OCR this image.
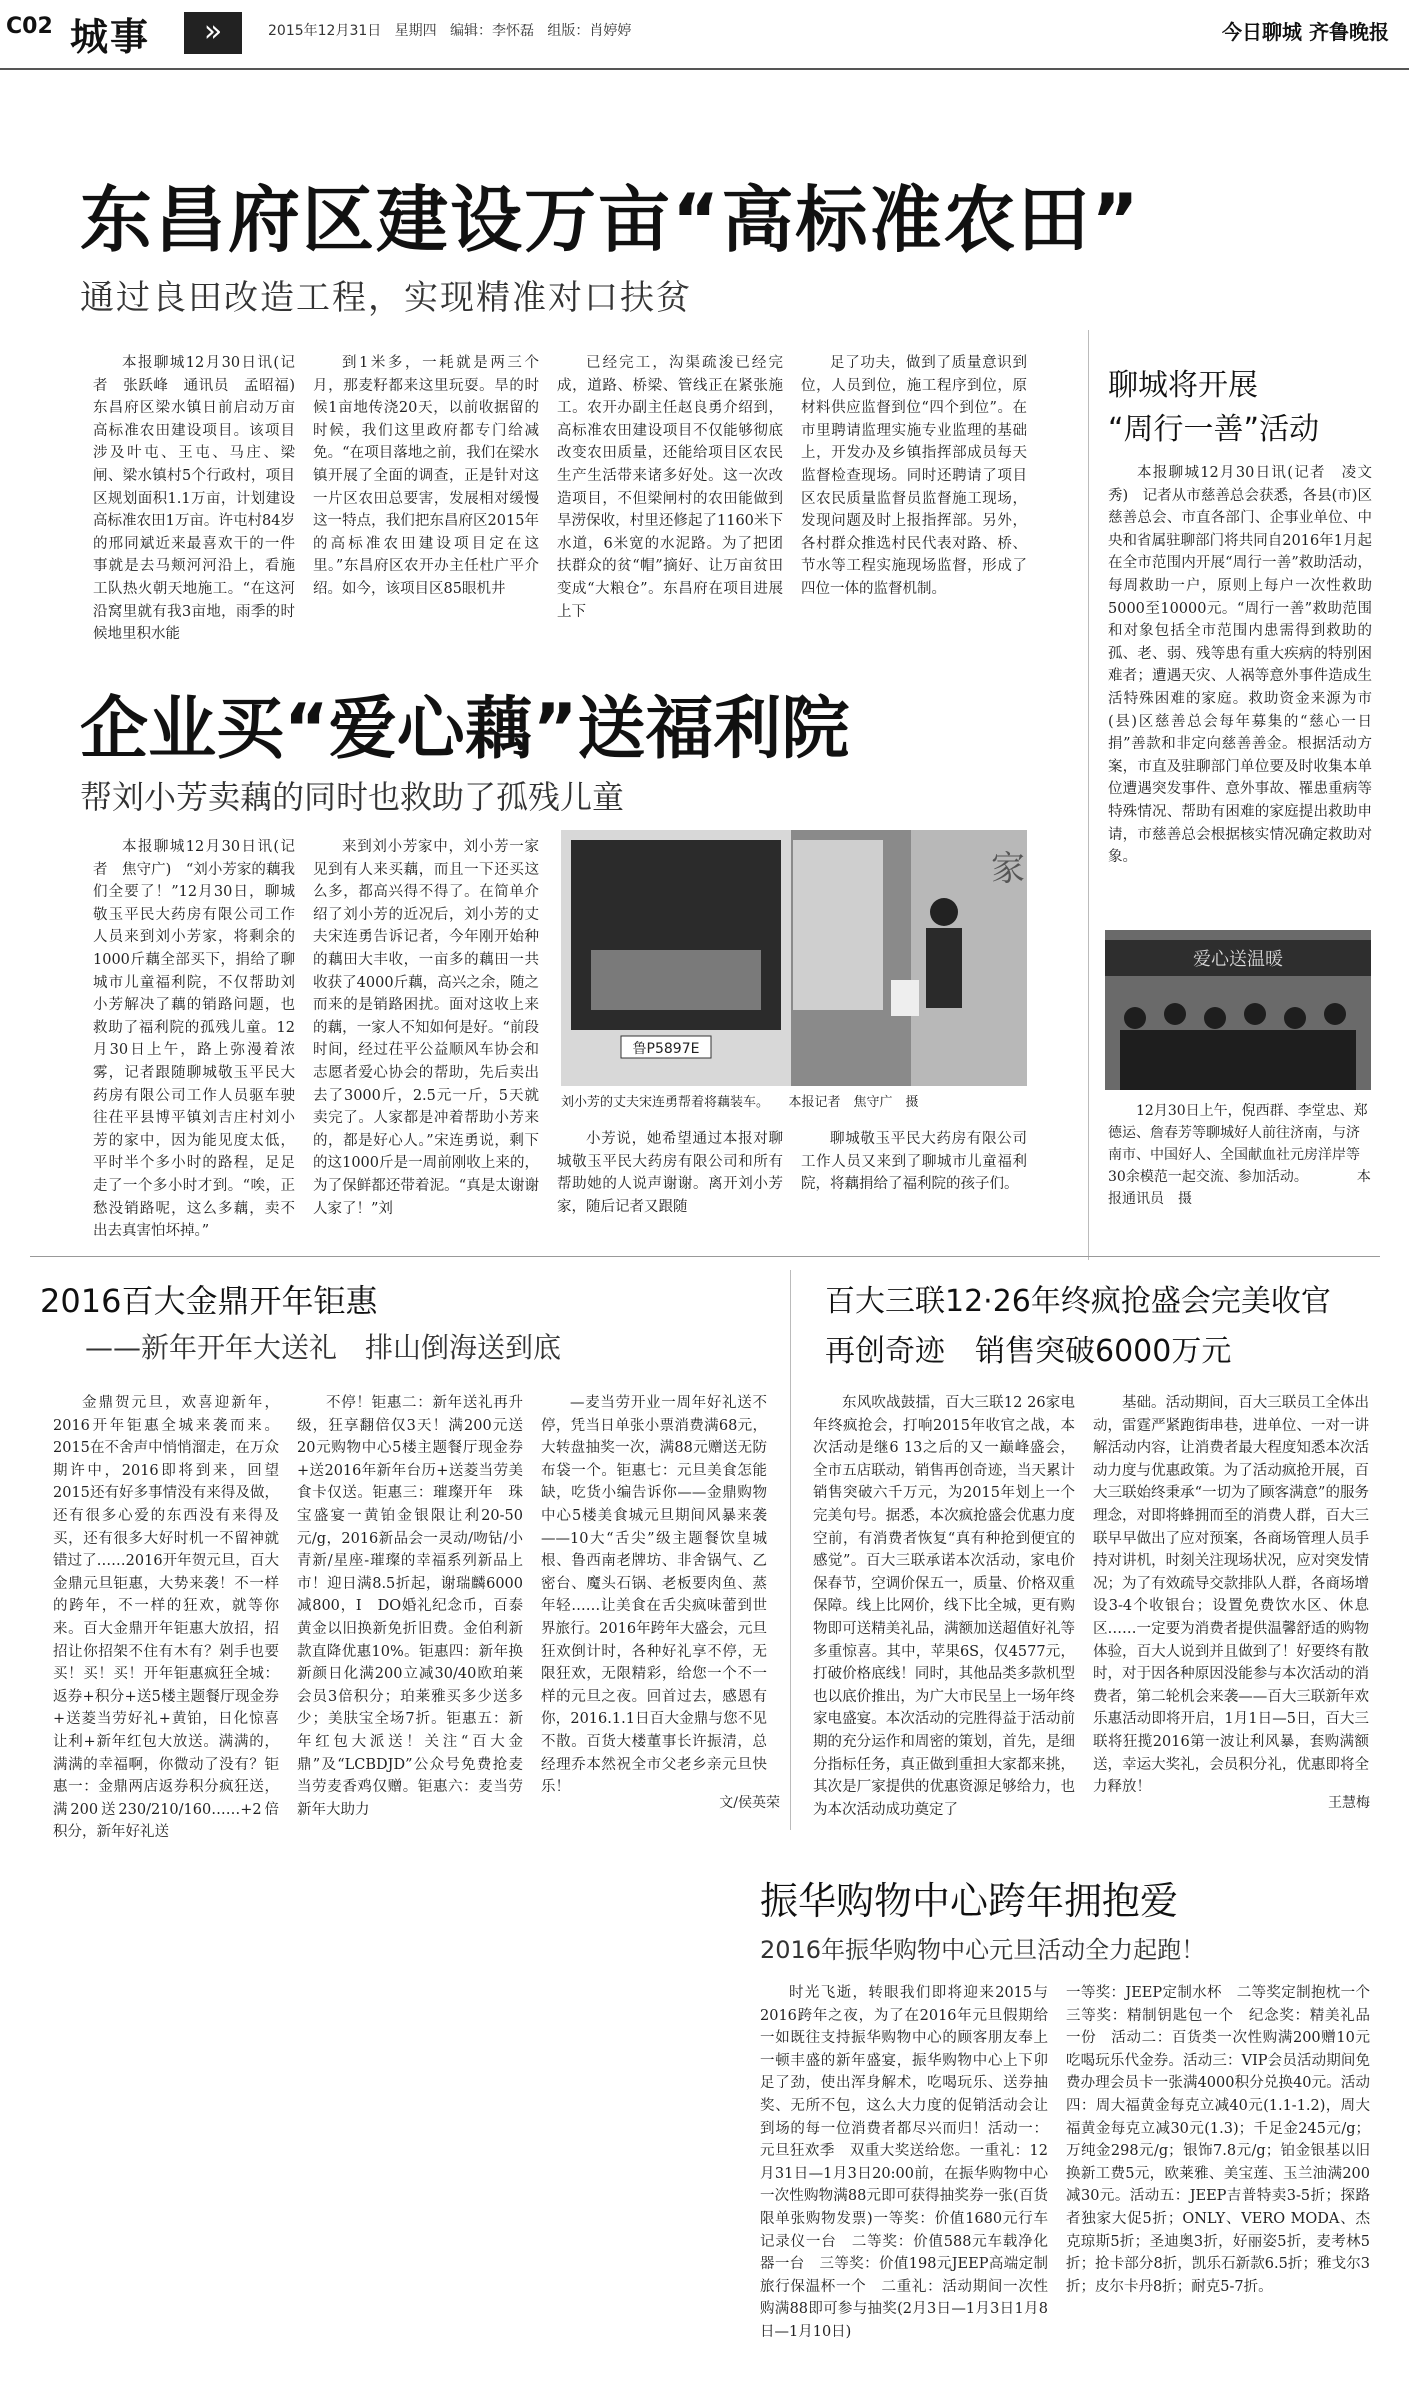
C02 城事	»	2015年12月31日 星期四 编辑：李怀磊 组版：肖婷婷	今日聊城 齐鲁晚报
东昌府区建设万亩“高标准农田”
通过良田改造工程，实现精准对口扶贫
本报聊城12月30日讯(记者　张跃峰　通讯员　孟昭福)　东昌府区梁水镇日前启动万亩高标准农田建设项目。该项目涉及叶屯、王屯、马庄、梁闸、梁水镇村5个行政村，项目区规划面积1.1万亩，计划建设高标准农田1万亩。许屯村84岁的邢同斌近来最喜欢干的一件事就是去马颊河河沿上，看施工队热火朝天地施工。“在这河沿窝里就有我3亩地，雨季的时候地里积水能
到1米多，一耗就是两三个月，那麦籽都来这里玩耍。旱的时候1亩地传浇20天，以前收据留的时候，我们这里政府都专门给减免。“在项目落地之前，我们在梁水镇开展了全面的调查，正是针对这一片区农田总要害，发展相对缓慢这一特点，我们把东昌府区2015年的高标准农田建设项目定在这里。”东昌府区农开办主任杜广平介绍。如今，该项目区85眼机井
已经完工，沟渠疏浚已经完成，道路、桥梁、管线正在紧张施工。农开办副主任赵良勇介绍到，高标准农田建设项目不仅能够彻底改变农田质量，还能给项目区农民生产生活带来诸多好处。这一次改造项目，不但梁闸村的农田能做到旱涝保收，村里还修起了1160米下水道，6米宽的水泥路。为了把团扶群众的贫“帽”摘好、让万亩贫田变成“大粮仓”。东昌府在项目进展上下
足了功夫，做到了质量意识到位，人员到位，施工程序到位，原材料供应监督到位“四个到位”。在市里聘请监理实施专业监理的基础上，开发办及乡镇指挥部成员每天监督检查现场。同时还聘请了项目区农民质量监督员监督施工现场，发现问题及时上报指挥部。另外，各村群众推选村民代表对路、桥、节水等工程实施现场监督，形成了四位一体的监督机制。
聊城将开展
“周行一善”活动
本报聊城12月30日讯(记者　凌文秀)　记者从市慈善总会获悉，各县(市)区慈善总会、市直各部门、企事业单位、中央和省属驻聊部门将共同自2016年1月起在全市范围内开展“周行一善”救助活动，每周救助一户，原则上每户一次性救助5000至10000元。“周行一善”救助范围和对象包括全市范围内患需得到救助的孤、老、弱、残等患有重大疾病的特别困难者；遭遇天灾、人祸等意外事件造成生活特殊困难的家庭。救助资金来源为市(县)区慈善总会每年募集的“慈心一日捐”善款和非定向慈善善金。根据活动方案，市直及驻聊部门单位要及时收集本单位遭遇突发事件、意外事故、罹患重病等特殊情况、帮助有困难的家庭提出救助申请，市慈善总会根据核实情况确定救助对象。
爱心送温暖
12月30日上午，倪西群、李堂忠、郑德运、詹春芳等聊城好人前往济南，与济南市、中国好人、全国献血社元房洋岸等30余模范一起交流、参加活动。　　　　本报通讯员　摄
企业买“爱心藕”送福利院
帮刘小芳卖藕的同时也救助了孤残儿童
本报聊城12月30日讯(记者　焦守广)　“刘小芳家的藕我们全要了！”12月30日，聊城敬玉平民大药房有限公司工作人员来到刘小芳家，将剩余的1000斤藕全部买下，捐给了聊城市儿童福利院，不仅帮助刘小芳解决了藕的销路问题，也救助了福利院的孤残儿童。12月30日上午，路上弥漫着浓雾，记者跟随聊城敬玉平民大药房有限公司工作人员驱车驶往茌平县博平镇刘吉庄村刘小芳的家中，因为能见度太低，平时半个多小时的路程，足足走了一个多小时才到。“唉，正愁没销路呢，这么多藕，卖不出去真害怕坏掉。”
来到刘小芳家中，刘小芳一家见到有人来买藕，而且一下还买这么多，都高兴得不得了。在简单介绍了刘小芳的近况后，刘小芳的丈夫宋连勇告诉记者，今年刚开始种的藕田大丰收，一亩多的藕田一共收获了4000斤藕，高兴之余，随之而来的是销路困扰。面对这收上来的藕，一家人不知如何是好。“前段时间，经过茌平公益顺风车协会和志愿者爱心协会的帮助，先后卖出去了3000斤，2.5元一斤，5天就卖完了。人家都是冲着帮助小芳来的，都是好心人。”宋连勇说，剩下的这1000斤是一周前刚收上来的，为了保鲜都还带着泥。“真是太谢谢人家了！”刘
鲁P5897E
家
刘小芳的丈夫宋连勇帮着将藕装车。　　本报记者　焦守广　摄
小芳说，她希望通过本报对聊城敬玉平民大药房有限公司和所有帮助她的人说声谢谢。离开刘小芳家，随后记者又跟随
聊城敬玉平民大药房有限公司工作人员又来到了聊城市儿童福利院，将藕捐给了福利院的孩子们。
2016百大金鼎开年钜惠
——新年开年大送礼　排山倒海送到底
金鼎贺元旦，欢喜迎新年，2016开年钜惠全城来袭而来。2015在不舍声中悄悄溜走，在万众期许中，2016即将到来，回望2015还有好多事情没有来得及做，还有很多心爱的东西没有来得及买，还有很多大好时机一不留神就错过了……2016开年贺元旦，百大金鼎元旦钜惠，大势来袭！不一样的跨年，不一样的狂欢，就等你来。百大金鼎开年钜惠大放招，招招让你招架不住有木有？剁手也要买！买！买！开年钜惠疯狂全城：返券+积分+送5楼主题餐厅现金券+送菱当劳好礼+黄铂，日化惊喜让利+新年红包大放送。满满的，满满的幸福啊，你微动了没有？钜惠一：金鼎两店返券积分疯狂送，满200送230/210/160……+2倍积分，新年好礼送
不停！钜惠二：新年送礼再升级，狂享翻倍仅3天！满200元送20元购物中心5楼主题餐厅现金券+送2016年新年台历+送菱当劳美食卡仅送。钜惠三：璀璨开年　珠宝盛宴一黄铂金银限让利20-50元/g，2016新品会一灵动/吻钻/小青新/星座-璀璨的幸福系列新品上市！迎日满8.5折起，谢瑞麟6000减800，I　DO婚礼纪念币，百泰黄金以旧换新免折旧费。金伯利新款直降优惠10%。钜惠四：新年换新颜日化满200立减30/40欧珀莱会员3倍积分；珀莱雅买多少送多少；美肤宝全场7折。钜惠五：新年红包大派送！关注“百大金鼎”及“LCBDJD”公众号免费抢麦当劳麦香鸡仅赠。钜惠六：麦当劳新年大助力
—麦当劳开业一周年好礼送不停，凭当日单张小票消费满68元，大转盘抽奖一次，满88元赠送无防布袋一个。钜惠七：元旦美食怎能缺，吃货小编告诉你——金鼎购物中心5楼美食城元旦期间风暴来袭——10大“舌尖”级主题餐饮皇城根、鲁西南老牌坊、非舍锅气、乙密台、魔头石锅、老板要肉鱼、蒸年轻……让美食在舌尖疯味蕾到世界旅行。2016年跨年大盛会，元旦狂欢倒计时，各种好礼享不停，无限狂欢，无限精彩，给您一个不一样的元旦之夜。回首过去，感恩有你，2016.1.1日百大金鼎与您不见不散。百货大楼董事长许振清，总经理乔本然祝全市父老乡亲元旦快乐！
文/侯英荣
百大三联12·26年终疯抢盛会完美收官
再创奇迹　销售突破6000万元
东风吹战鼓擂，百大三联12 26家电年终疯抢会，打响2015年收官之战，本次活动是继6 13之后的又一巅峰盛会，全市五店联动，销售再创奇迹，当天累计销售突破六千万元，为2015年划上一个完美句号。据悉，本次疯抢盛会优惠力度空前，有消费者恢复“真有种抢到便宜的感觉”。百大三联承诺本次活动，家电价保春节，空调价保五一，质量、价格双重保障。线上比网价，线下比全城，更有购物即可送精美礼品，满额加送超值好礼等多重惊喜。其中，苹果6S，仅4577元，打破价格底线！同时，其他品类多款机型也以底价推出，为广大市民呈上一场年终家电盛宴。本次活动的完胜得益于活动前期的充分运作和周密的策划，首先，是细分指标任务，真正做到重担大家都来挑，其次是厂家提供的优惠资源足够给力，也为本次活动成功奠定了
基础。活动期间，百大三联员工全体出动，雷霆严紧跑街串巷，进单位、一对一讲解活动内容，让消费者最大程度知悉本次活动力度与优惠政策。为了活动疯抢开展，百大三联始终秉承“一切为了顾客满意”的服务理念，对即将蜂拥而至的消费人群，百大三联早早做出了应对预案，各商场管理人员手持对讲机，时刻关注现场状况，应对突发情况；为了有效疏导交款排队人群，各商场增设3-4个收银台；设置免费饮水区、休息区……一定要为消费者提供温馨舒适的购物体验，百大人说到并且做到了！好要终有散时，对于因各种原因没能参与本次活动的消费者，第二轮机会来袭——百大三联新年欢乐惠活动即将开启，1月1日—5日，百大三联将狂揽2016第一波让利风暴，套购满额送，幸运大奖礼，会员积分礼，优惠即将全力释放！
王慧梅
振华购物中心跨年拥抱爱
2016年振华购物中心元旦活动全力起跑！
时光飞逝，转眼我们即将迎来2015与2016跨年之夜，为了在2016年元旦假期给一如既往支持振华购物中心的顾客朋友奉上一顿丰盛的新年盛宴，振华购物中心上下卯足了劲，使出浑身解术，吃喝玩乐、送券抽奖、无所不包，这么大力度的促销活动会让到场的每一位消费者都尽兴而归！活动一：元旦狂欢季　双重大奖送给您。一重礼：12月31日—1月3日20:00前，在振华购物中心一次性购物满88元即可获得抽奖券一张(百货限单张购物发票)一等奖：价值1680元行车记录仪一台　二等奖：价值588元车载净化器一台　三等奖：价值198元JEEP高端定制旅行保温杯一个　二重礼：活动期间一次性购满88即可参与抽奖(2月3日—1月3日1月8日—1月10日)
一等奖：JEEP定制水杯　二等奖定制抱枕一个　三等奖：精制钥匙包一个　纪念奖：精美礼品一份　活动二：百货类一次性购满200赠10元吃喝玩乐代金券。活动三：VIP会员活动期间免费办理会员卡一张满4000积分兑换40元。活动四：周大福黄金每克立减40元(1.1-1.2)，周大福黄金每克立减30元(1.3)；千足金245元/g；万纯金298元/g；银饰7.8元/g；铂金银基以旧换新工费5元，欧莱雅、美宝莲、玉兰油满200减30元。活动五：JEEP吉普特卖3-5折；探路者独家大促5折；ONLY、VERO MODA、杰克琼斯5折；圣迪奥3折，好丽姿5折，麦考林5折；抢卡部分8折，凯乐石新款6.5折；雅戈尔3折；皮尔卡丹8折；耐克5-7折。
